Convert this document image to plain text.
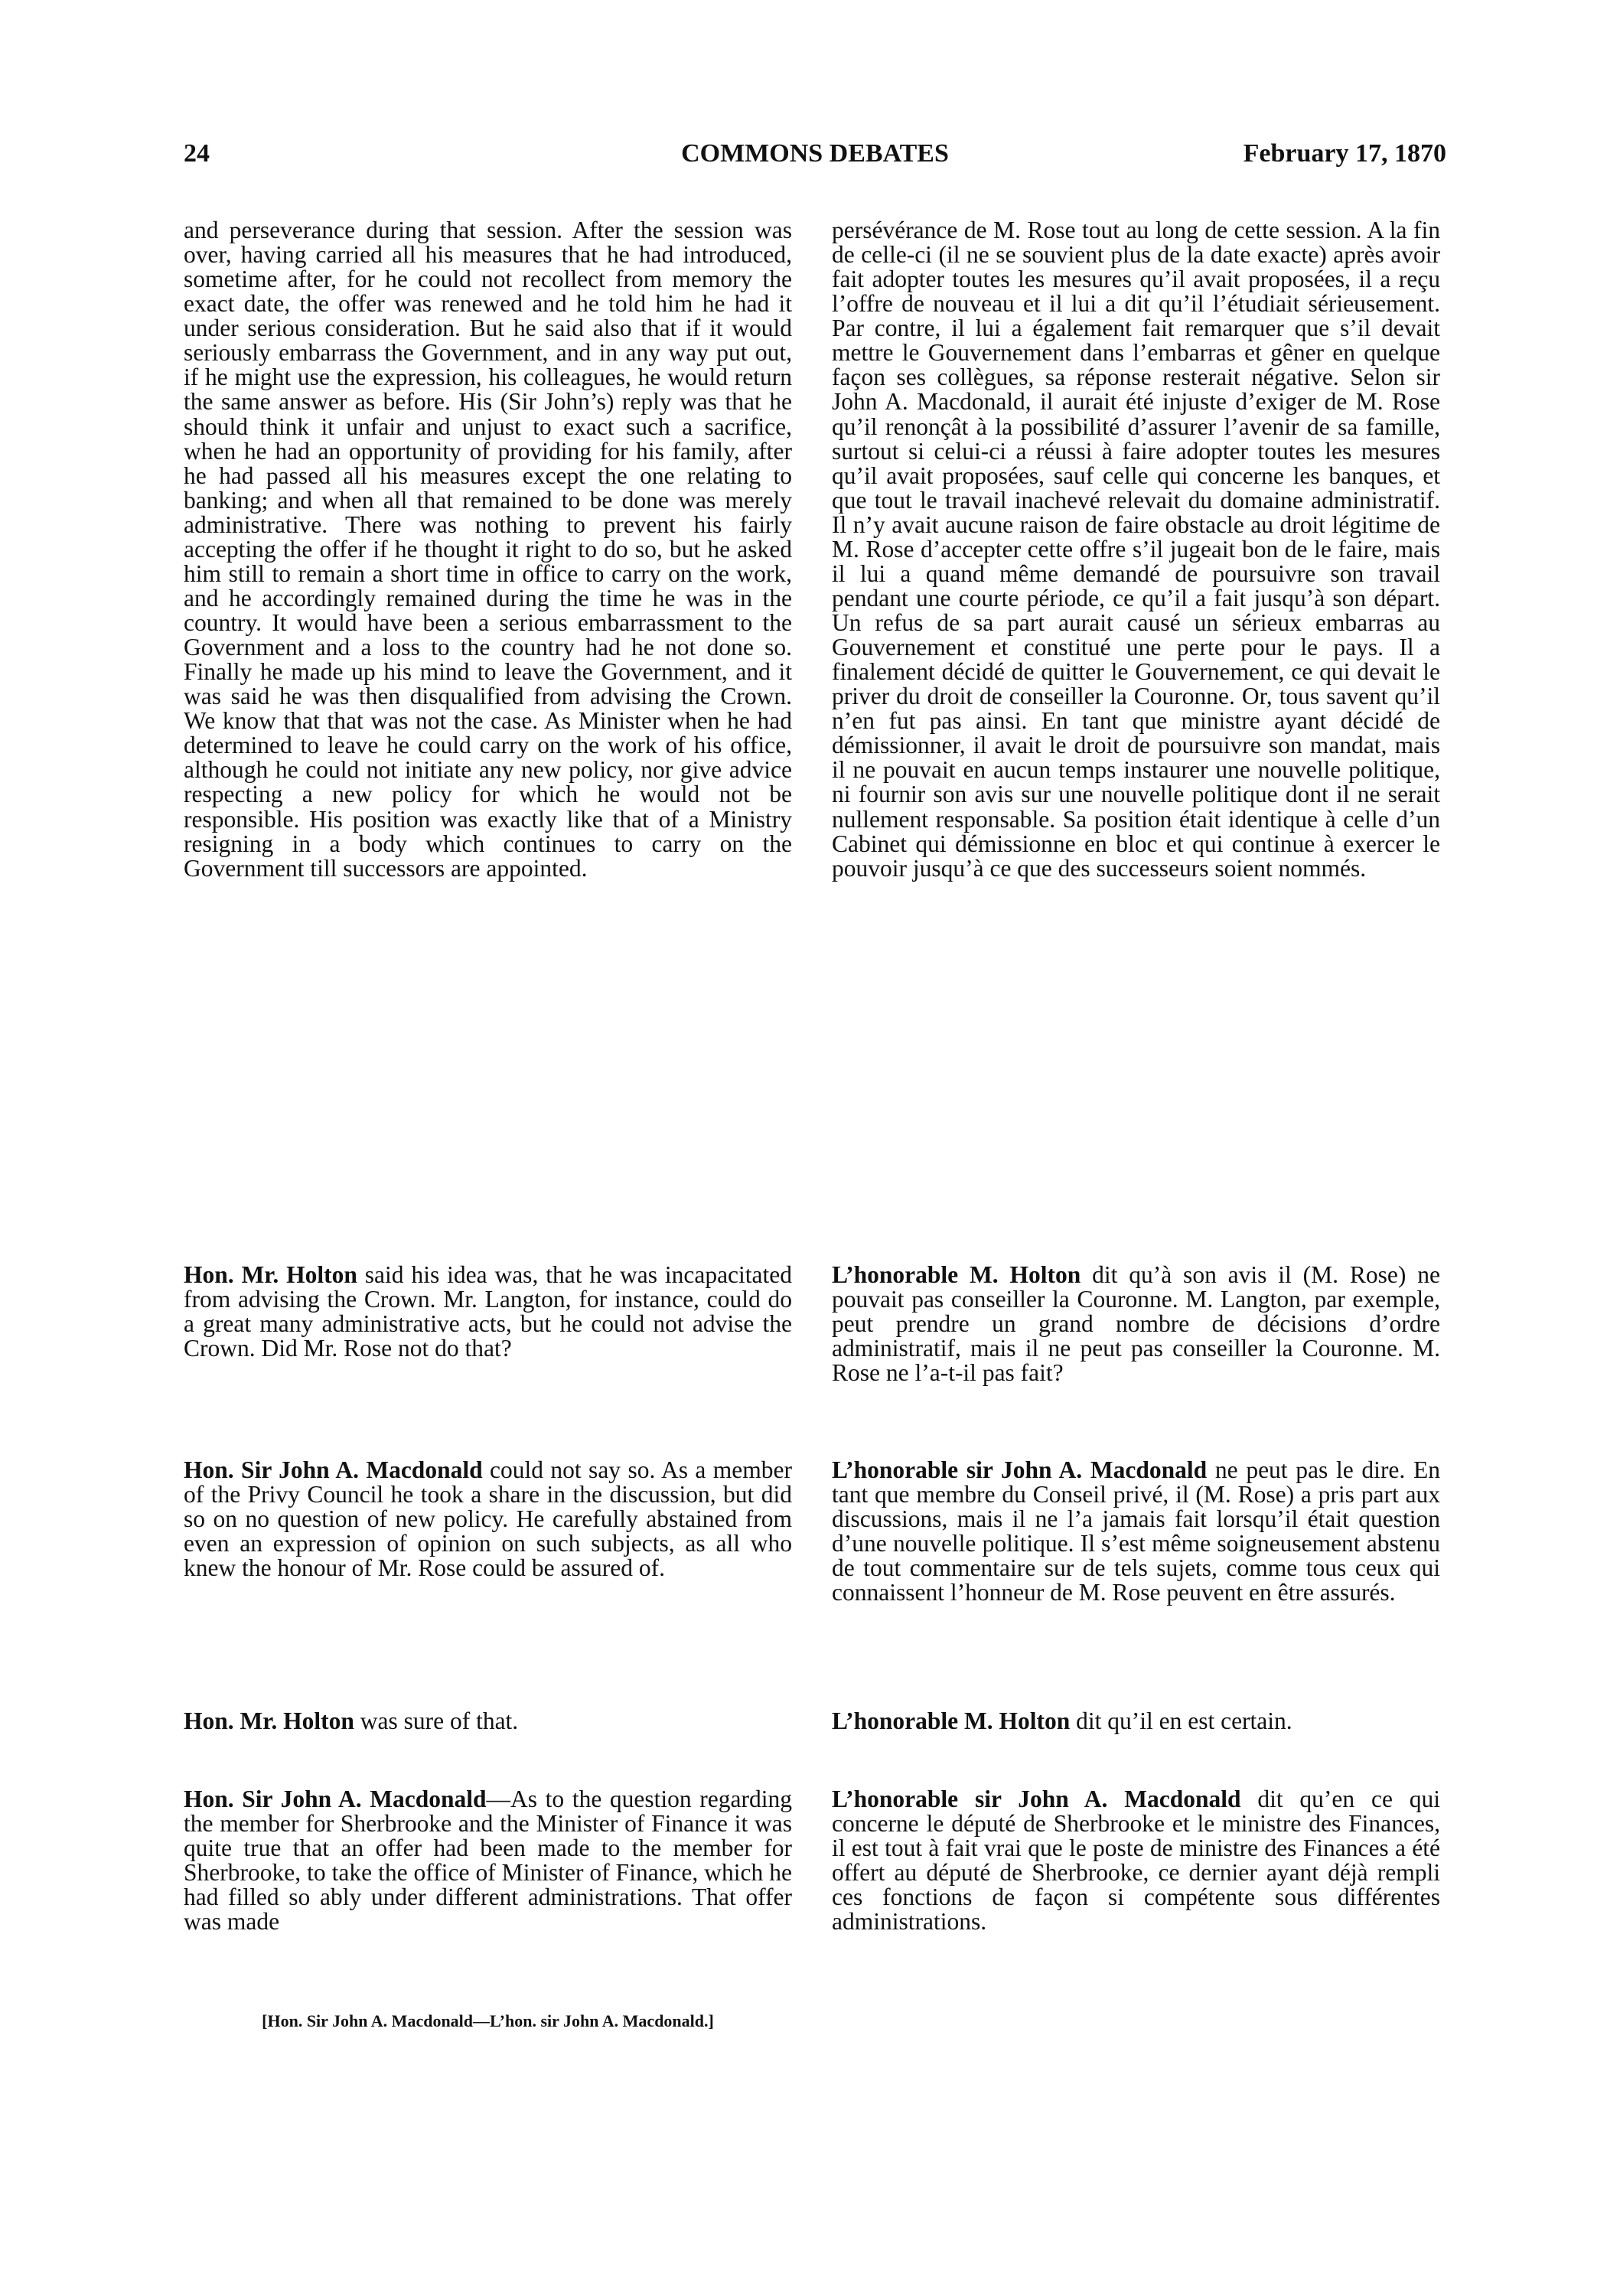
24	COMMONS DEBATES	February 17, 1870

and perseverance during that session. After the session was over, having carried all his measures that he had introduced, sometime after, for he could not recollect from memory the exact date, the offer was renewed and he told him he had it under serious consideration. But he said also that if it would seriously embarrass the Government, and in any way put out, if he might use the expression, his colleagues, he would return the same answer as before. His (Sir John’s) reply was that he should think it unfair and unjust to exact such a sacrifice, when he had an opportunity of providing for his family, after he had passed all his measures except the one relating to banking; and when all that remained to be done was merely administrative. There was nothing to prevent his fairly accepting the offer if he thought it right to do so, but he asked him still to remain a short time in office to carry on the work, and he accordingly remained during the time he was in the country. It would have been a serious embarrassment to the Government and a loss to the country had he not done so. Finally he made up his mind to leave the Government, and it was said he was then disqualified from advising the Crown. We know that that was not the case. As Minister when he had determined to leave he could carry on the work of his office, although he could not initiate any new policy, nor give advice respecting a new policy for which he would not be responsible. His position was exactly like that of a Ministry resigning in a body which continues to carry on the Government till successors are appointed.

Hon. Mr. Holton said his idea was, that he was incapacitated from advising the Crown. Mr. Langton, for instance, could do a great many administrative acts, but he could not advise the Crown. Did Mr. Rose not do that?

Hon. Sir John A. Macdonald could not say so. As a member of the Privy Council he took a share in the discussion, but did so on no question of new policy. He carefully abstained from even an expression of opinion on such subjects, as all who knew the honour of Mr. Rose could be assured of.

Hon. Mr. Holton was sure of that.

Hon. Sir John A. Macdonald—As to the question regarding the member for Sherbrooke and the Minister of Finance it was quite true that an offer had been made to the member for Sherbrooke, to take the office of Minister of Finance, which he had filled so ably under different administrations. That offer was made

persévérance de M. Rose tout au long de cette session. A la fin de celle-ci (il ne se souvient plus de la date exacte) après avoir fait adopter toutes les mesures qu’il avait proposées, il a reçu l’offre de nouveau et il lui a dit qu’il l’étudiait sérieusement. Par contre, il lui a également fait remarquer que s’il devait mettre le Gouvernement dans l’embarras et gêner en quelque façon ses collègues, sa réponse resterait négative. Selon sir John A. Macdonald, il aurait été injuste d’exiger de M. Rose qu’il renonçât à la possibilité d’assurer l’avenir de sa famille, surtout si celui-ci a réussi à faire adopter toutes les mesures qu’il avait proposées, sauf celle qui concerne les banques, et que tout le travail inachevé relevait du domaine administratif. Il n’y avait aucune raison de faire obstacle au droit légitime de M. Rose d’accepter cette offre s’il jugeait bon de le faire, mais il lui a quand même demandé de poursuivre son travail pendant une courte période, ce qu’il a fait jusqu’à son départ. Un refus de sa part aurait causé un sérieux embarras au Gouvernement et constitué une perte pour le pays. Il a finalement décidé de quitter le Gouvernement, ce qui devait le priver du droit de conseiller la Couronne. Or, tous savent qu’il n’en fut pas ainsi. En tant que ministre ayant décidé de démissionner, il avait le droit de poursuivre son mandat, mais il ne pouvait en aucun temps instaurer une nouvelle politique, ni fournir son avis sur une nouvelle politique dont il ne serait nullement responsable. Sa position était identique à celle d’un Cabinet qui démissionne en bloc et qui continue à exercer le pouvoir jusqu’à ce que des successeurs soient nommés.

L’honorable M. Holton dit qu’à son avis il (M. Rose) ne pouvait pas conseiller la Couronne. M. Langton, par exemple, peut prendre un grand nombre de décisions d’ordre administratif, mais il ne peut pas conseiller la Couronne. M. Rose ne l’a-t-il pas fait?

L’honorable sir John A. Macdonald ne peut pas le dire. En tant que membre du Conseil privé, il (M. Rose) a pris part aux discussions, mais il ne l’a jamais fait lorsqu’il était question d’une nouvelle politique. Il s’est même soigneusement abstenu de tout commentaire sur de tels sujets, comme tous ceux qui connaissent l’honneur de M. Rose peuvent en être assurés.

L’honorable M. Holton dit qu’il en est certain.

L’honorable sir John A. Macdonald dit qu’en ce qui concerne le député de Sherbrooke et le ministre des Finances, il est tout à fait vrai que le poste de ministre des Finances a été offert au député de Sherbrooke, ce dernier ayant déjà rempli ces fonctions de façon si compétente sous différentes administrations.

[Hon. Sir John A. Macdonald—L’hon. sir John A. Macdonald.]
